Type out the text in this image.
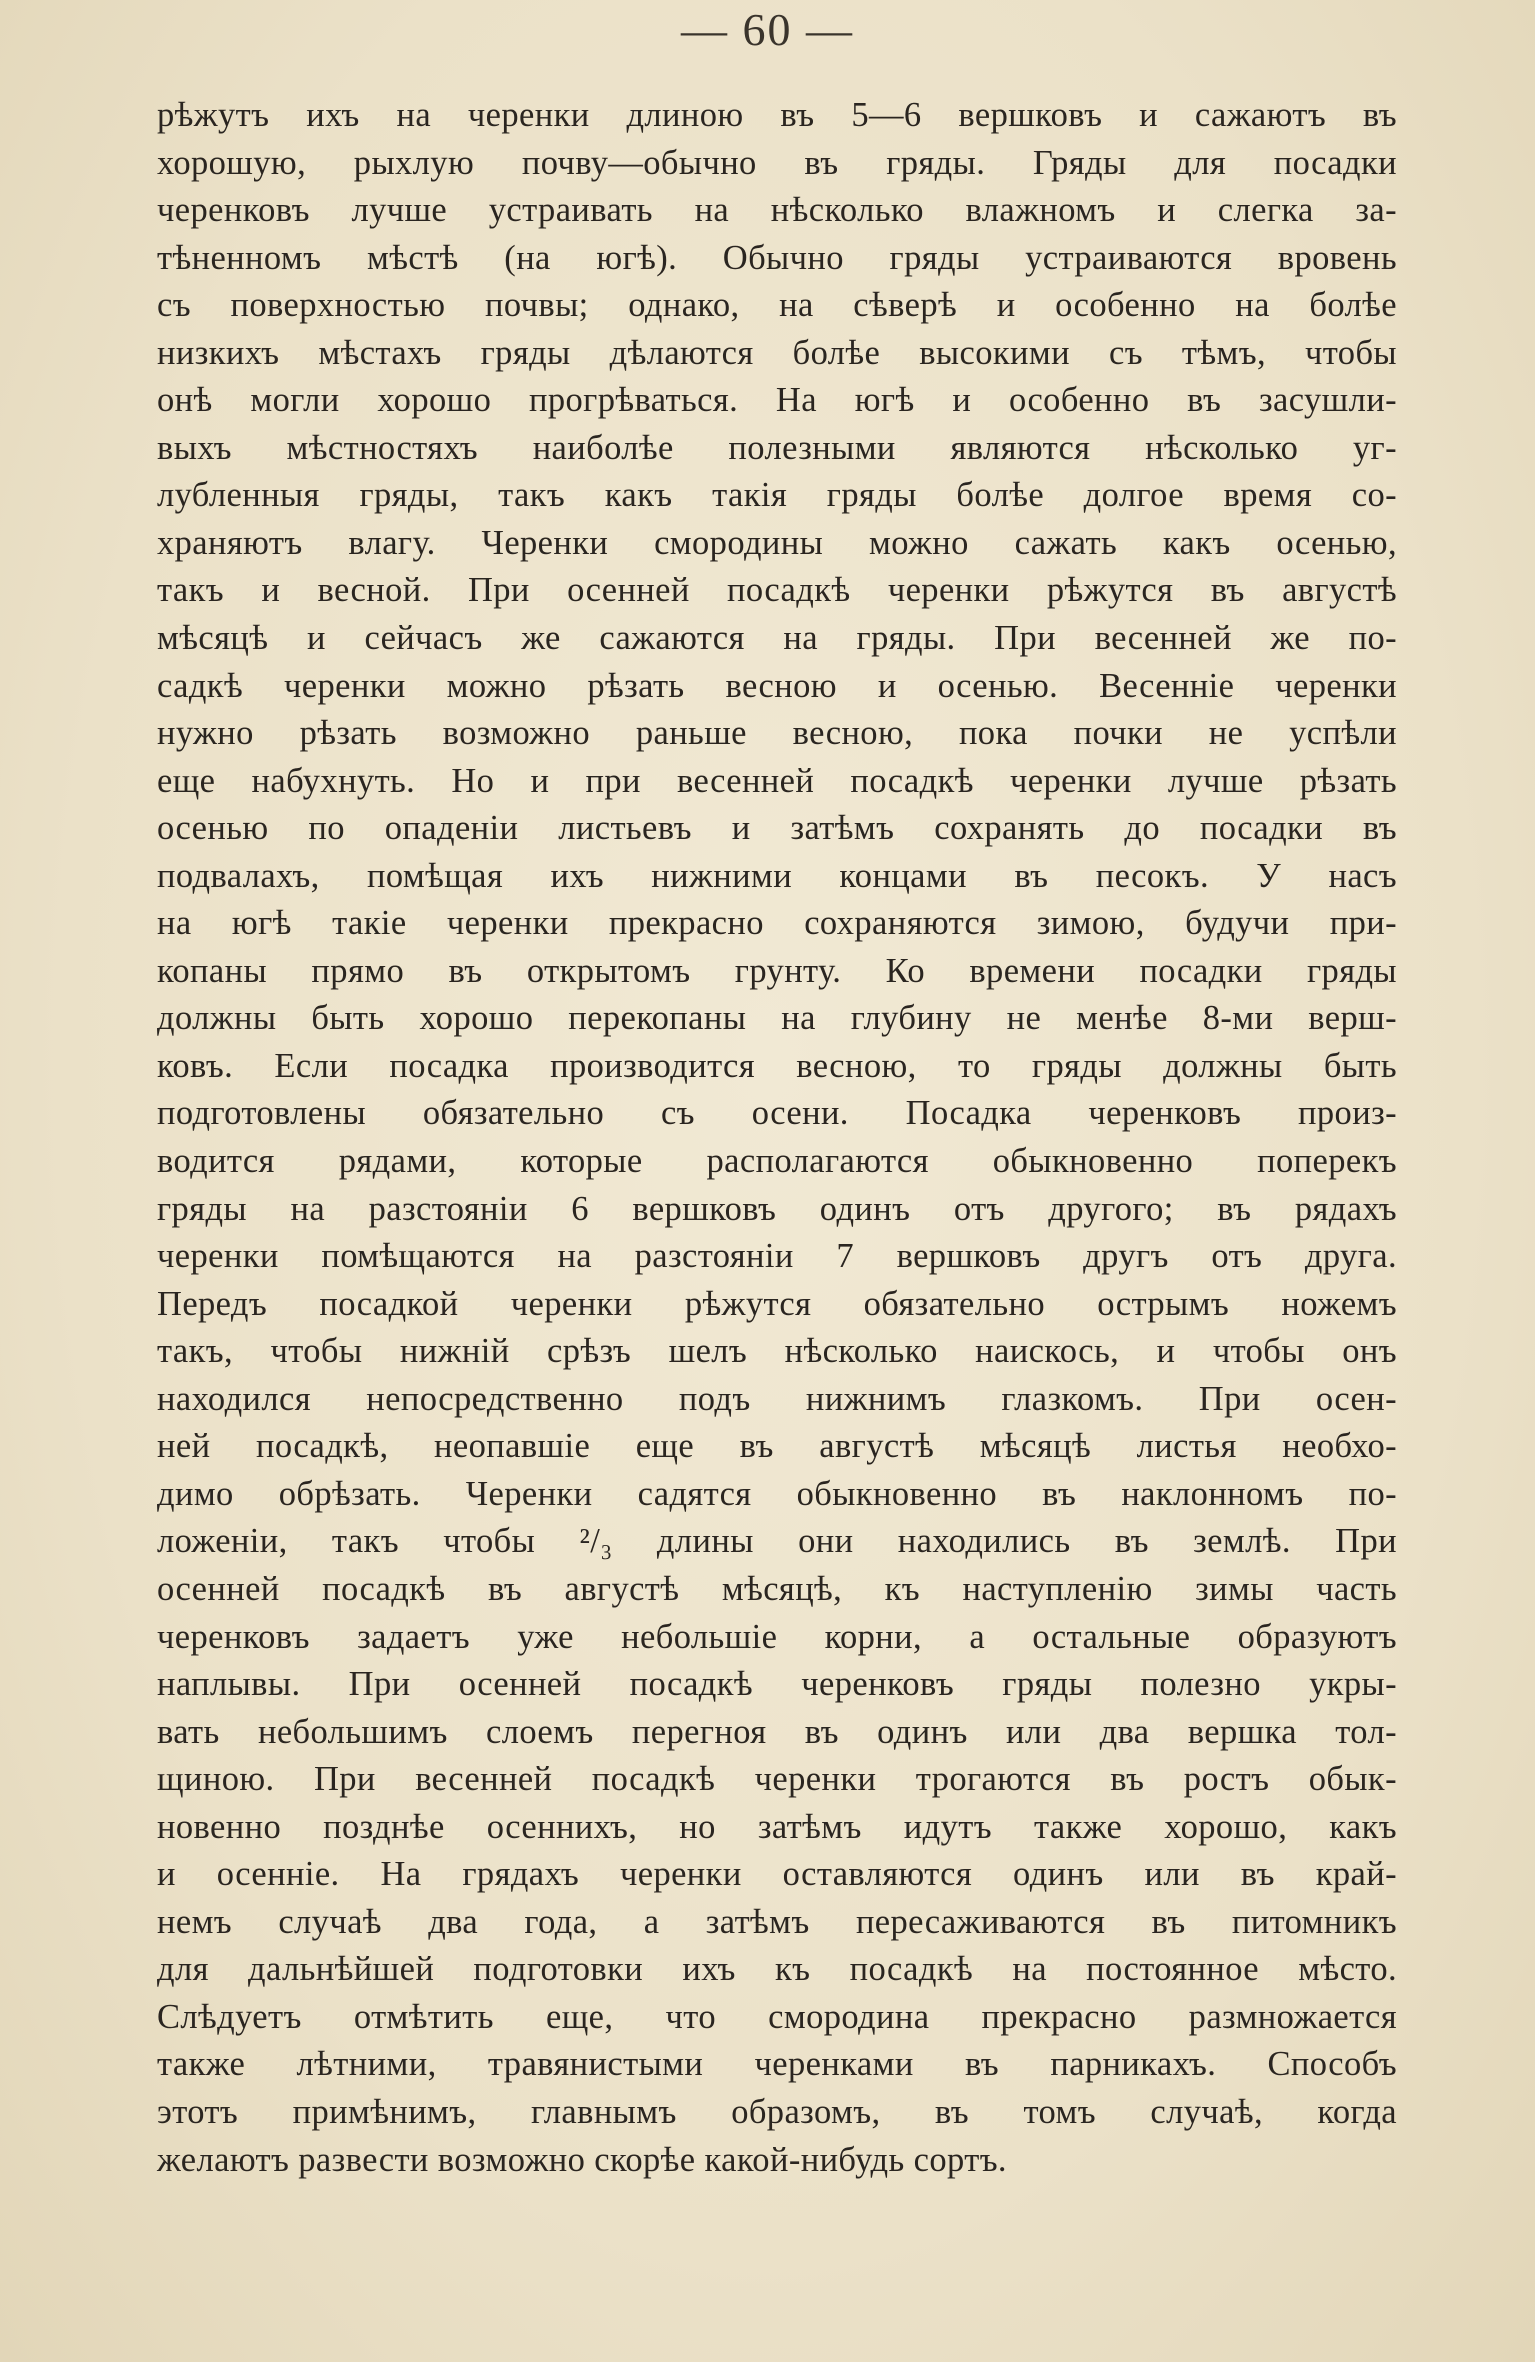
— 60 —
рѣжутъ ихъ на черенки длиною въ 5—6 вершковъ и сажаютъ въ
хорошую, рыхлую почву—обычно въ гряды. Гряды для посадки
черенковъ лучше устраивать на нѣсколько влажномъ и слегка за-
тѣненномъ мѣстѣ (на югѣ). Обычно гряды устраиваются вровень
съ поверхностью почвы; однако, на сѣверѣ и особенно на болѣе
низкихъ мѣстахъ гряды дѣлаются болѣе высокими съ тѣмъ, чтобы
онѣ могли хорошо прогрѣваться. На югѣ и особенно въ засушли-
выхъ мѣстностяхъ наиболѣе полезными являются нѣсколько уг-
лубленныя гряды, такъ какъ такія гряды болѣе долгое время со-
храняютъ влагу. Черенки смородины можно сажать какъ осенью,
такъ и весной. При осенней посадкѣ черенки рѣжутся въ августѣ
мѣсяцѣ и сейчасъ же сажаются на гряды. При весенней же по-
садкѣ черенки можно рѣзать весною и осенью. Весенніе черенки
нужно рѣзать возможно раньше весною, пока почки не успѣли
еще набухнуть. Но и при весенней посадкѣ черенки лучше рѣзать
осенью по опаденіи листьевъ и затѣмъ сохранять до посадки въ
подвалахъ, помѣщая ихъ нижними концами въ песокъ. У насъ
на югѣ такіе черенки прекрасно сохраняются зимою, будучи при-
копаны прямо въ открытомъ грунту. Ко времени посадки гряды
должны быть хорошо перекопаны на глубину не менѣе 8-ми верш-
ковъ. Если посадка производится весною, то гряды должны быть
подготовлены обязательно съ осени. Посадка черенковъ произ-
водится рядами, которые располагаются обыкновенно поперекъ
гряды на разстояніи 6 вершковъ одинъ отъ другого; въ рядахъ
черенки помѣщаются на разстояніи 7 вершковъ другъ отъ друга.
Передъ посадкой черенки рѣжутся обязательно острымъ ножемъ
такъ, чтобы нижній срѣзъ шелъ нѣсколько наискось, и чтобы онъ
находился непосредственно подъ нижнимъ глазкомъ. При осен-
ней посадкѣ, неопавшіе еще въ августѣ мѣсяцѣ листья необхо-
димо обрѣзать. Черенки садятся обыкновенно въ наклонномъ по-
ложеніи, такъ чтобы ²/₃ длины они находились въ землѣ. При
осенней посадкѣ въ августѣ мѣсяцѣ, къ наступленію зимы часть
черенковъ задаетъ уже небольшіе корни, а остальные образуютъ
наплывы. При осенней посадкѣ черенковъ гряды полезно укры-
вать небольшимъ слоемъ перегноя въ одинъ или два вершка тол-
щиною. При весенней посадкѣ черенки трогаются въ ростъ обык-
новенно позднѣе осеннихъ, но затѣмъ идутъ также хорошо, какъ
и осенніе. На грядахъ черенки оставляются одинъ или въ край-
немъ случаѣ два года, а затѣмъ пересаживаются въ питомникъ
для дальнѣйшей подготовки ихъ къ посадкѣ на постоянное мѣсто.
Слѣдуетъ отмѣтить еще, что смородина прекрасно размножается
также лѣтними, травянистыми черенками въ парникахъ. Способъ
этотъ примѣнимъ, главнымъ образомъ, въ томъ случаѣ, когда
желаютъ развести возможно скорѣе какой-нибудь сортъ.
